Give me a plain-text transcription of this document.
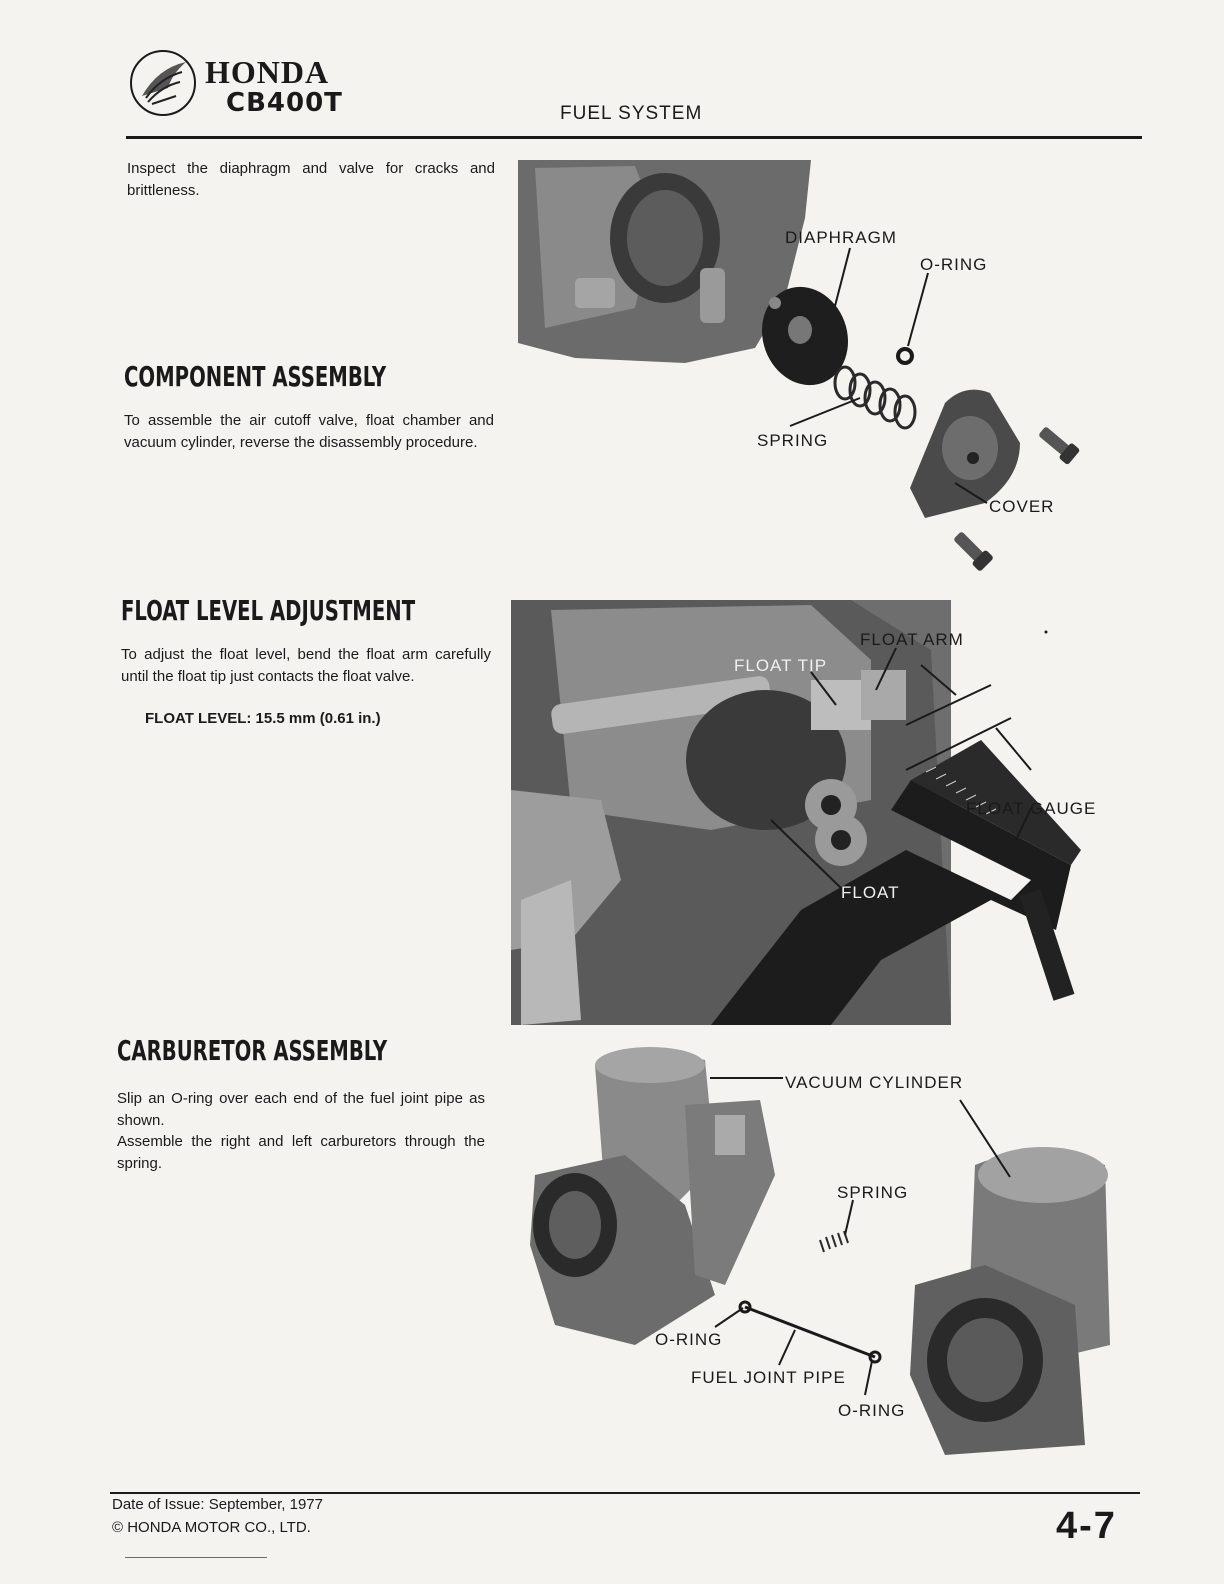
HONDA
CB400T	FUEL SYSTEM
Inspect the diaphragm and valve for cracks and brittleness.
COMPONENT ASSEMBLY
To assemble the air cutoff valve, float chamber and vacuum cylinder, reverse the disassembly procedure.
FLOAT LEVEL ADJUSTMENT
To adjust the float level, bend the float arm carefully until the float tip just contacts the float valve.
FLOAT LEVEL: 15.5 mm (0.61 in.)
CARBURETOR ASSEMBLY
Slip an O-ring over each end of the fuel joint pipe as shown.
Assemble the right and left carburetors through the spring.
DIAPHRAGM
O-RING
SPRING
COVER
FLOAT ARM
FLOAT TIP
FLOAT GAUGE
FLOAT
VACUUM CYLINDER
SPRING
O-RING
FUEL JOINT PIPE
O-RING
Date of Issue: September, 1977
© HONDA MOTOR CO., LTD.	4-7
